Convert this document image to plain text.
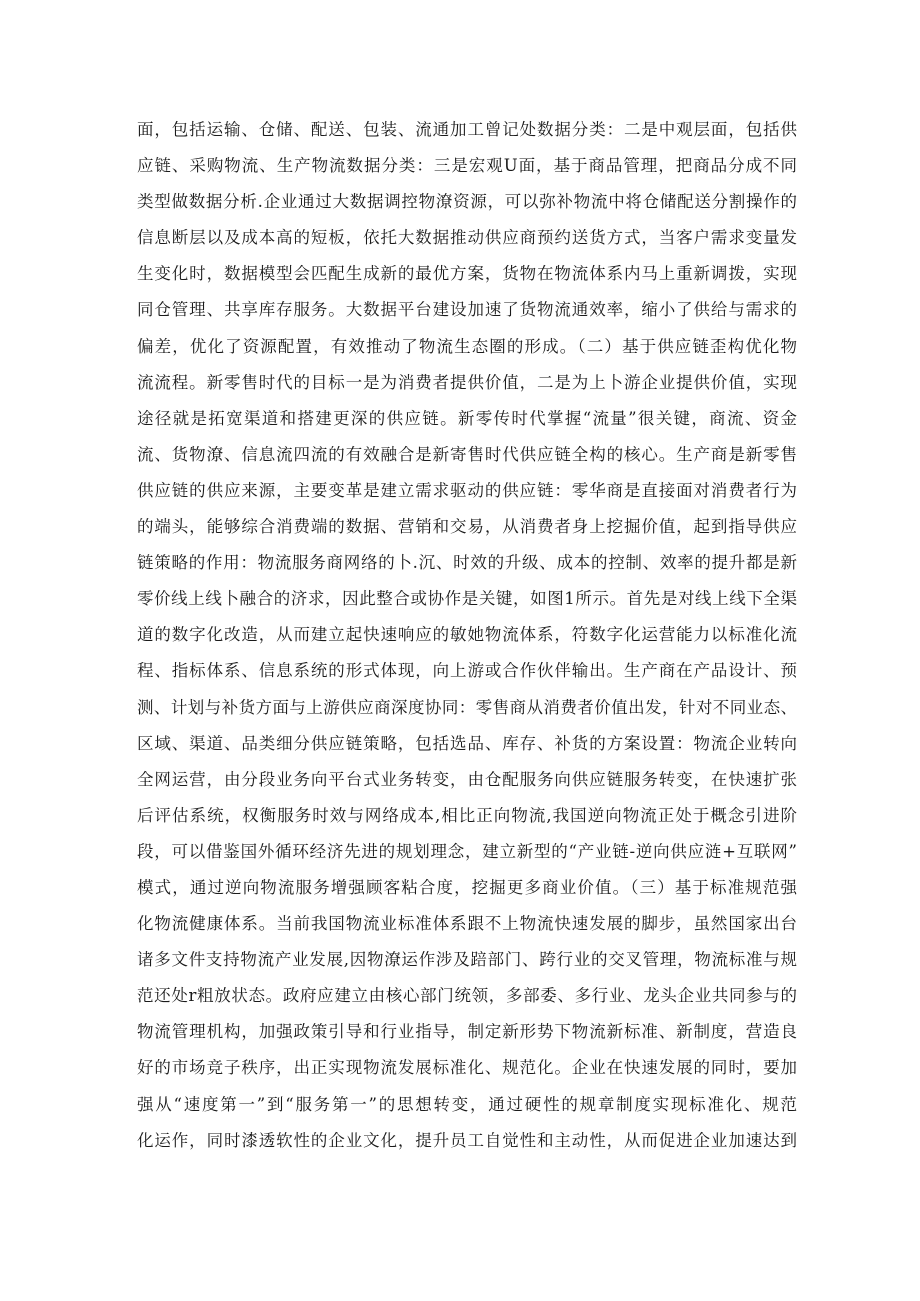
面，包括运输、仓储、配送、包装、流通加工曾记处数据分类：二是中观层面，包括供
应链、采购物流、生产物流数据分类：三是宏观U面，基于商品管理，把商品分成不同
类型做数据分析.企业通过大数据调控物潦资源，可以弥补物流中将仓储配送分割操作的
信息断层以及成本高的短板，依托大数据推动供应商预约送货方式，当客户需求变量发
生变化时，数据模型会匹配生成新的最优方案，货物在物流体系内马上重新调拨，实现
同仓管理、共享库存服务。大数据平台建设加速了货物流通效率，缩小了供给与需求的
偏差，优化了资源配置，有效推动了物流生态圈的形成。（二）基于供应链歪构优化物
流流程。新零售时代的目标一是为消费者提供价值，二是为上卜游企业提供价值，实现
途径就是拓宽渠道和搭建更深的供应链。新零传时代掌握“流量”很关键，商流、资金
流、货物潦、信息流四流的有效融合是新寄售时代供应链全构的核心。生产商是新零售
供应链的供应来源，主要变革是建立需求驱动的供应链：零华商是直接面对消费者行为
的端头，能够综合消费端的数据、营销和交易，从消费者身上挖掘价值，起到指导供应
链策略的作用：物流服务商网络的卜.沉、时效的升级、成本的控制、效率的提升都是新
零价线上线卜融合的济求，因此整合或协作是关键，如图1所示。首先是对线上线下全渠
道的数字化改造，从而建立起快速响应的敏她物流体系，符数字化运营能力以标准化流
程、指标体系、信息系统的形式体现，向上游或合作伙伴输出。生产商在产品设计、预
测、计划与补货方面与上游供应商深度协同：零售商从消费者价值出发，针对不同业态、
区域、渠道、品类细分供应链策略，包括选品、库存、补货的方案设置：物流企业转向
全网运营，由分段业务向平台式业务转变，由仓配服务向供应链服务转变，在快速扩张
后评估系统，权衡服务时效与网络成本,相比正向物流,我国逆向物流正处于概念引进阶
段，可以借鉴国外循环经济先进的规划理念，建立新型的“产业链-逆向供应涟+互联网”
模式，通过逆向物流服务增强顾客粘合度，挖掘更多商业价值。（三）基于标准规范强
化物流健康体系。当前我国物流业标准体系跟不上物流快速发展的脚步，虽然国家出台
诸多文件支持物流产业发展,因物潦运作涉及踣部门、跨行业的交叉管理，物流标准与规
范还处r粗放状态。政府应建立由核心部门统领，多部委、多行业、龙头企业共同参与的
物流管理机构，加强政策引导和行业指导，制定新形势下物流新标准、新制度，营造良
好的市场竞子秩序，出正实现物流发展标准化、规范化。企业在快速发展的同时，要加
强从“速度第一”到“服务第一”的思想转变，通过硬性的规章制度实现标准化、规范
化运作，同时漆透软性的企业文化，提升员工自觉性和主动性，从而促进企业加速达到
